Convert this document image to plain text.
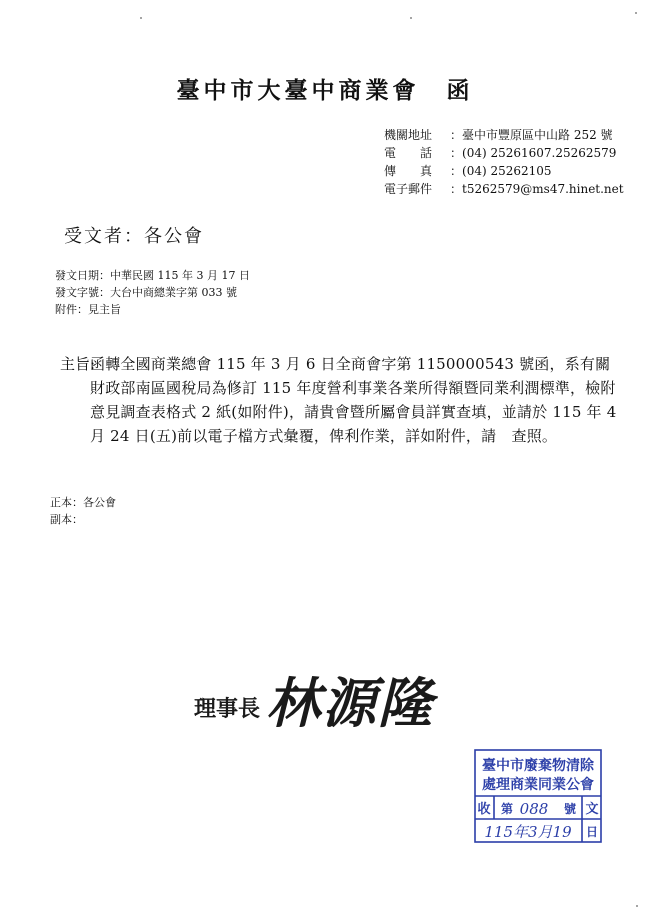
臺中市大臺中商業會　函
機關地址 ： 臺中市豐原區中山路 252 號
電　　話 ： (04) 25261607.25262579
傳　　真 ： (04) 25262105
電子郵件 ： t5262579@ms47.hinet.net
受文者：各公會
發文日期：中華民國 115 年 3 月 17 日
發文字號：大台中商總業字第 033 號
附件：見主旨
主旨:
函轉全國商業總會 115 年 3 月 6 日全商會字第 1150000543 號函，系有關財政部南區國稅局為修訂 115 年度營利事業各業所得額暨同業利潤標準，檢附意見調查表格式 2 紙(如附件)，請貴會暨所屬會員詳實查填，並請於 115 年 4 月 24 日(五)前以電子檔方式彙覆，俾利作業，詳如附件，請　查照。
正本：各公會
副本：
理事長 林源隆
臺中市廢棄物清除
處理商業同業公會
收 第 088 號 文
115年3月19 日
